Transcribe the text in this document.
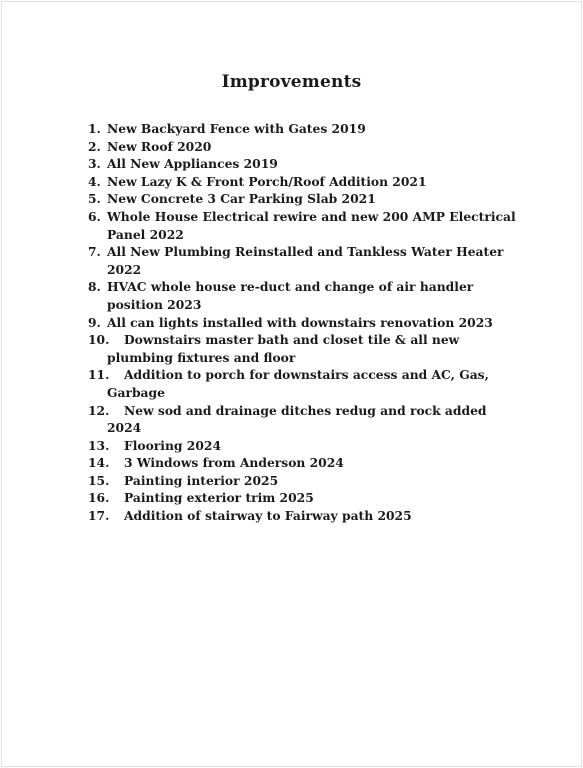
Improvements
1. New Backyard Fence with Gates 2019
2. New Roof 2020
3. All New Appliances 2019
4. New Lazy K & Front Porch/Roof Addition 2021
5. New Concrete 3 Car Parking Slab 2021
6. Whole House Electrical rewire and new 200 AMP Electrical
Panel 2022
7. All New Plumbing Reinstalled and Tankless Water Heater
2022
8. HVAC whole house re-duct and change of air handler
position 2023
9. All can lights installed with downstairs renovation 2023
10. Downstairs master bath and closet tile & all new
plumbing fixtures and floor
11. Addition to porch for downstairs access and AC, Gas,
Garbage
12. New sod and drainage ditches redug and rock added
2024
13. Flooring 2024
14. 3 Windows from Anderson 2024
15. Painting interior 2025
16. Painting exterior trim 2025
17. Addition of stairway to Fairway path 2025
